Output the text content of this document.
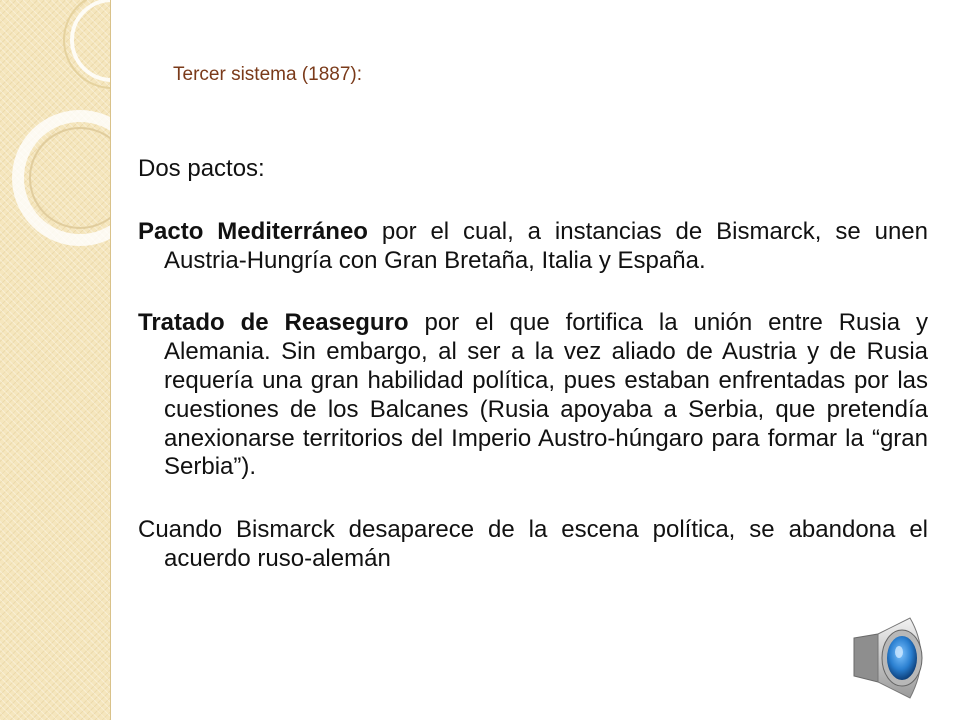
Tercer sistema (1887):

Dos pactos:

Pacto Mediterráneo por el cual, a instancias de Bismarck, se unen Austria-Hungría con Gran Bretaña, Italia y España.

Tratado de Reaseguro por el que fortifica la unión entre Rusia y Alemania. Sin embargo, al ser a la vez aliado de Austria y de Rusia requería una gran habilidad política, pues estaban enfrentadas por las cuestiones de los Balcanes (Rusia apoyaba a Serbia, que pretendía anexionarse territorios del Imperio Austro-húngaro para formar la “gran Serbia”).

Cuando Bismarck desaparece de la escena política, se abandona el acuerdo ruso-alemán
